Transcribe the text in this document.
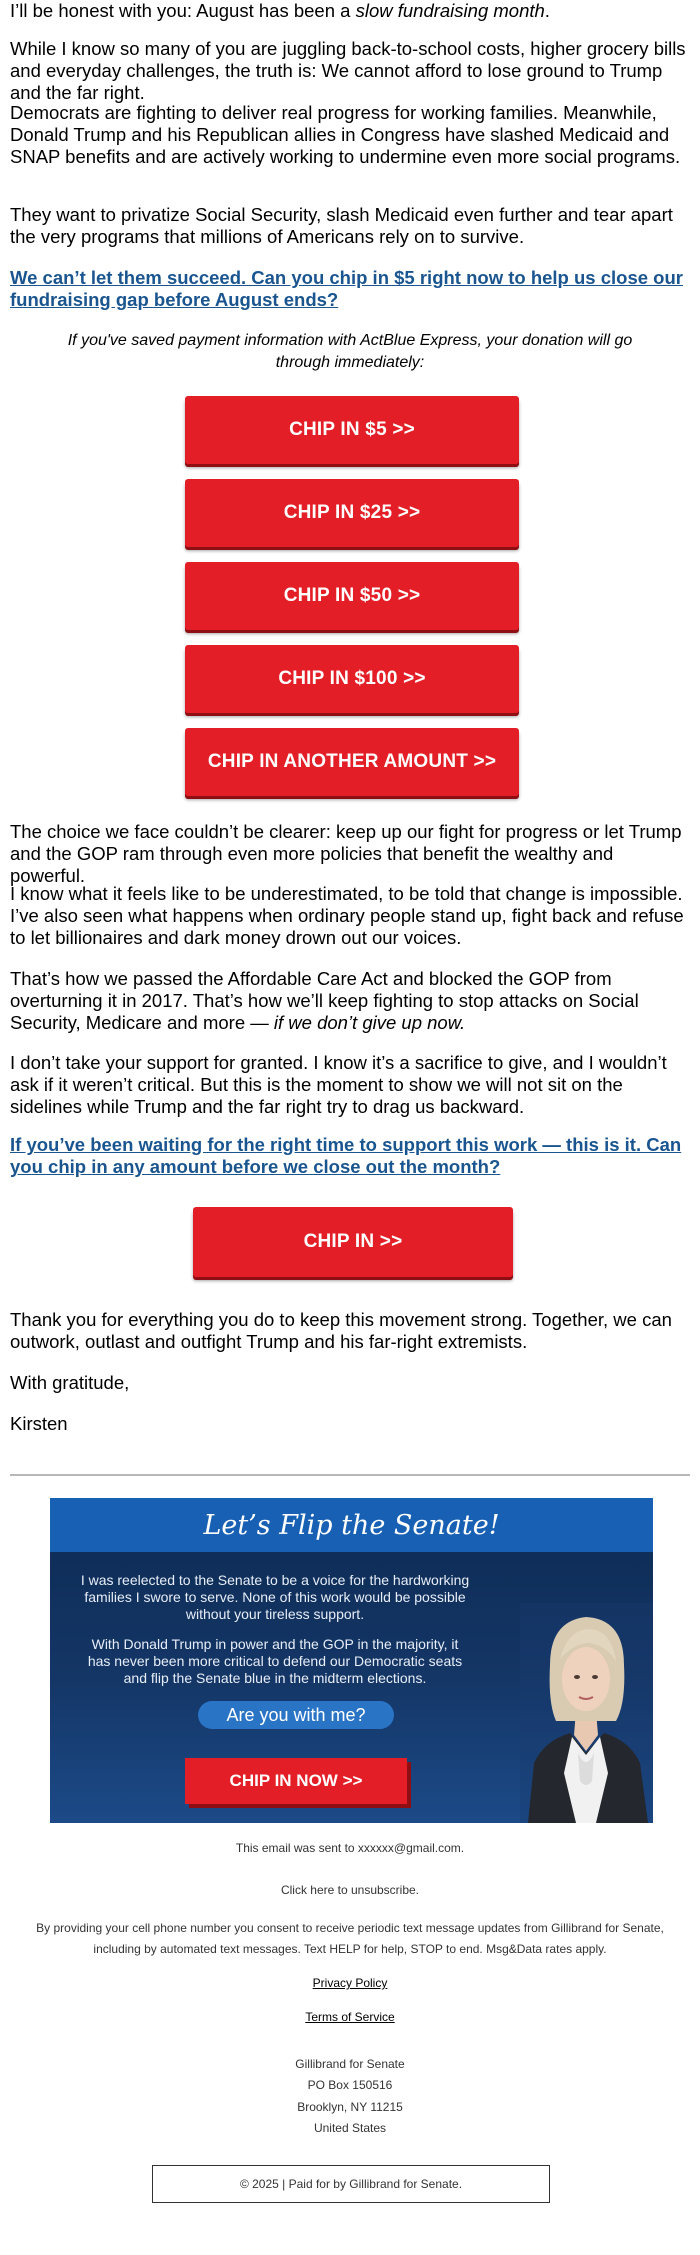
I’ll be honest with you: August has been a slow fundraising month.

While I know so many of you are juggling back-to-school costs, higher grocery bills and everyday challenges, the truth is: We cannot afford to lose ground to Trump and the far right.

Democrats are fighting to deliver real progress for working families. Meanwhile, Donald Trump and his Republican allies in Congress have slashed Medicaid and SNAP benefits and are actively working to undermine even more social programs.

They want to privatize Social Security, slash Medicaid even further and tear apart the very programs that millions of Americans rely on to survive.

We can’t let them succeed. Can you chip in $5 right now to help us close our fundraising gap before August ends?

If you've saved payment information with ActBlue Express, your donation will go through immediately:

CHIP IN $5 >>
CHIP IN $25 >>
CHIP IN $50 >>
CHIP IN $100 >>
CHIP IN ANOTHER AMOUNT >>

The choice we face couldn’t be clearer: keep up our fight for progress or let Trump and the GOP ram through even more policies that benefit the wealthy and powerful.

I know what it feels like to be underestimated, to be told that change is impossible. I’ve also seen what happens when ordinary people stand up, fight back and refuse to let billionaires and dark money drown out our voices.

That’s how we passed the Affordable Care Act and blocked the GOP from overturning it in 2017. That’s how we’ll keep fighting to stop attacks on Social Security, Medicare and more — if we don’t give up now.

I don’t take your support for granted. I know it’s a sacrifice to give, and I wouldn’t ask if it weren’t critical. But this is the moment to show we will not sit on the sidelines while Trump and the far right try to drag us backward.

If you’ve been waiting for the right time to support this work — this is it. Can you chip in any amount before we close out the month?

CHIP IN >>

Thank you for everything you do to keep this movement strong. Together, we can outwork, outlast and outfight Trump and his far-right extremists.

With gratitude,

Kirsten

Let’s Flip the Senate!

I was reelected to the Senate to be a voice for the hardworking families I swore to serve. None of this work would be possible without your tireless support.

With Donald Trump in power and the GOP in the majority, it has never been more critical to defend our Democratic seats and flip the Senate blue in the midterm elections.

Are you with me?
CHIP IN NOW >>

This email was sent to xxxxxx@gmail.com.

Click here to unsubscribe.

By providing your cell phone number you consent to receive periodic text message updates from Gillibrand for Senate, including by automated text messages. Text HELP for help, STOP to end. Msg&Data rates apply.

Privacy Policy

Terms of Service

Gillibrand for Senate

PO Box 150516

Brooklyn, NY 11215

United States

© 2025 | Paid for by Gillibrand for Senate.
